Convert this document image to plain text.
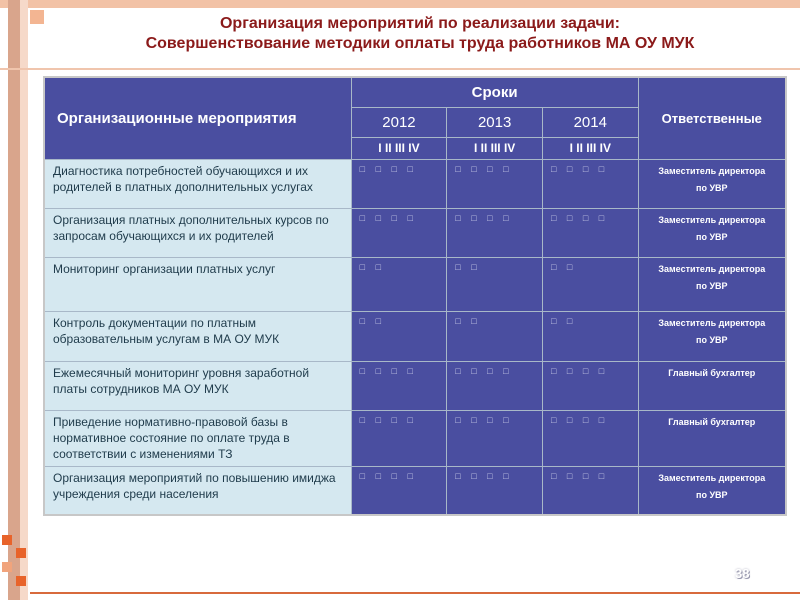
Организация мероприятий по реализации задачи:
Совершенствование методики оплаты труда работников МА ОУ МУК
Организационные мероприятия	Сроки			Ответственные
	2012	2013	2014	
	I II III IV	I II III IV	I II III IV	
Диагностика потребностей обучающихся и их родителей в платных дополнительных услугах	□ □ □ □	□ □ □ □	□ □ □ □	Заместитель директора по УВР

Организация платных дополнительных курсов по запросам обучающихся и их родителей	□ □ □ □	□ □ □ □	□ □ □ □	Заместитель директора по УВР

Мониторинг организации платных услуг	□ □	□ □	□ □	Заместитель директора по УВР

Контроль документации по платным образовательным услугам в МА ОУ МУК	□ □	□ □	□ □	Заместитель директора по УВР

Ежемесячный мониторинг уровня заработной платы сотрудников МА ОУ МУК	□ □ □ □	□ □ □ □	□ □ □ □	Главный бухгалтер

Приведение нормативно-правовой базы в нормативное состояние по оплате труда в соответствии с изменениями ТЗ	□ □ □ □	□ □ □ □	□ □ □ □	Главный бухгалтер

Организация мероприятий по повышению имиджа учреждения среди населения	□ □ □ □	□ □ □ □	□ □ □ □	Заместитель директора по УВР
38
